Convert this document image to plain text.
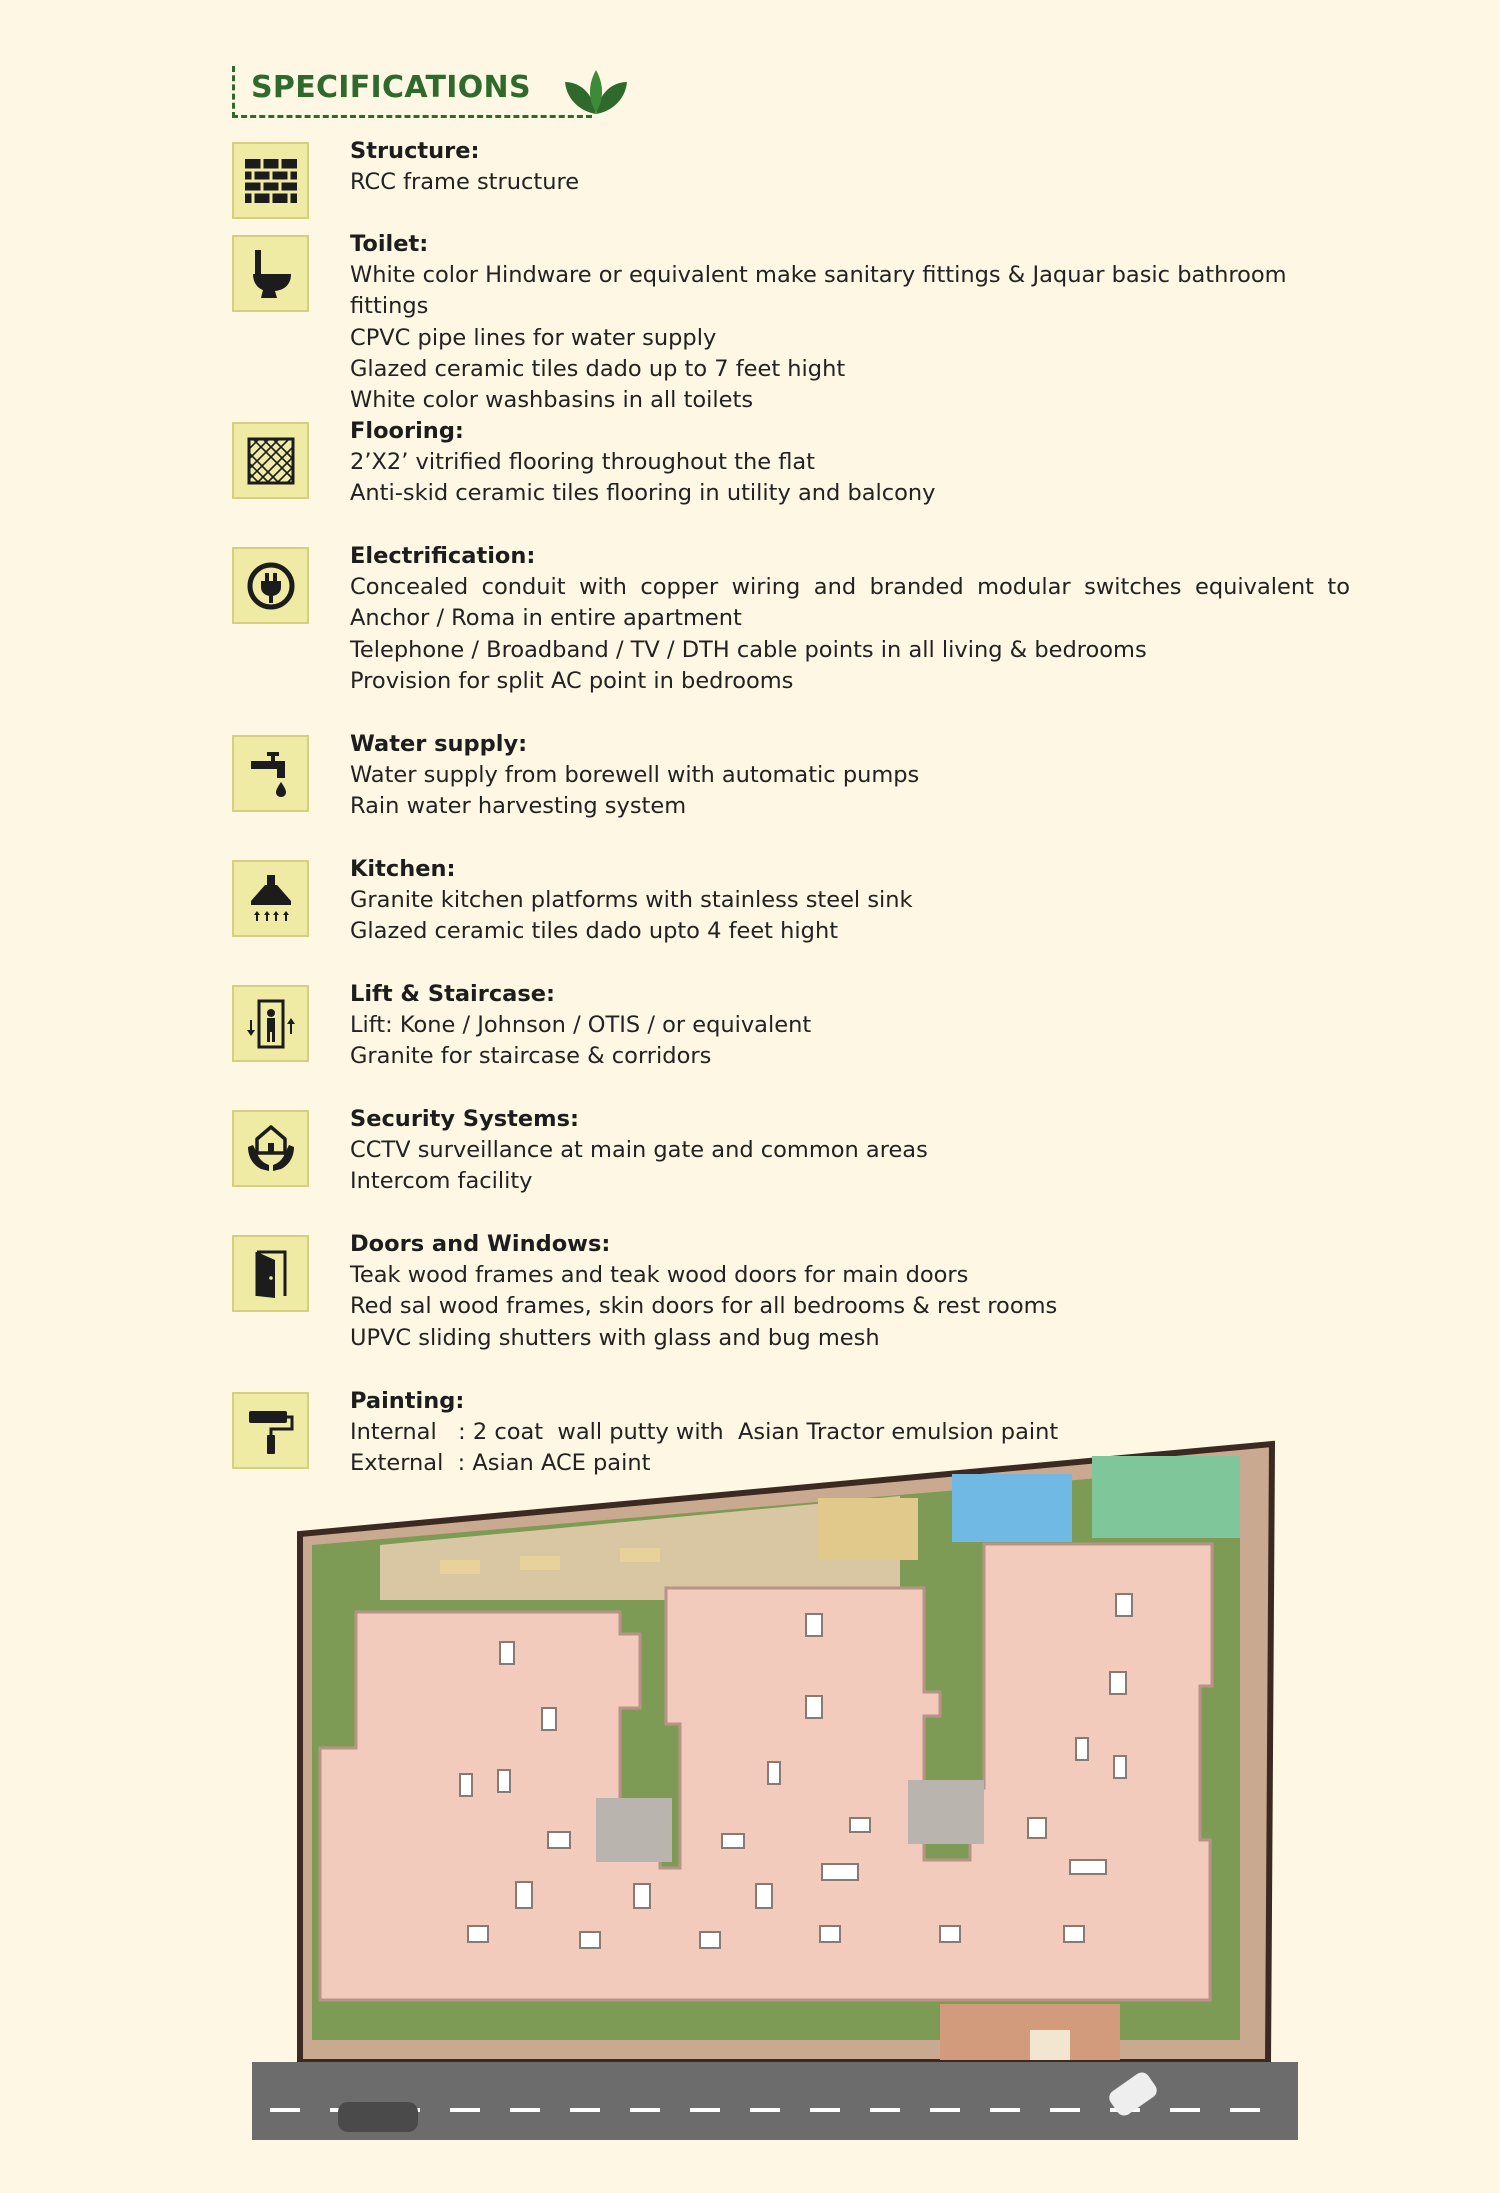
SPECIFICATIONS
Structure:
RCC frame structure
Toilet:
White color Hindware or equivalent make sanitary fittings & Jaquar basic bathroom fittings
CPVC pipe lines for water supply
Glazed ceramic tiles dado up to 7 feet hight
White color washbasins in all toilets
Flooring:
2’X2’ vitrified flooring throughout the flat
Anti-skid ceramic tiles flooring in utility and balcony
Electrification:
Concealed conduit with copper wiring and branded modular switches equivalent to Anchor / Roma in entire apartment
Telephone / Broadband / TV / DTH cable points in all living & bedrooms
Provision for split AC point in bedrooms
Water supply:
Water supply from borewell with automatic pumps
Rain water harvesting system
Kitchen:
Granite kitchen platforms with stainless steel sink
Glazed ceramic tiles dado upto 4 feet hight
Lift & Staircase:
Lift: Kone / Johnson / OTIS / or equivalent
Granite for staircase & corridors
Security Systems:
CCTV surveillance at main gate and common areas
Intercom facility
Doors and Windows:
Teak wood frames and teak wood doors for main doors
Red sal wood frames, skin doors for all bedrooms & rest rooms
UPVC sliding shutters with glass and bug mesh
Painting:
Internal   : 2 coat  wall putty with  Asian Tractor emulsion paint
External  : Asian ACE paint
